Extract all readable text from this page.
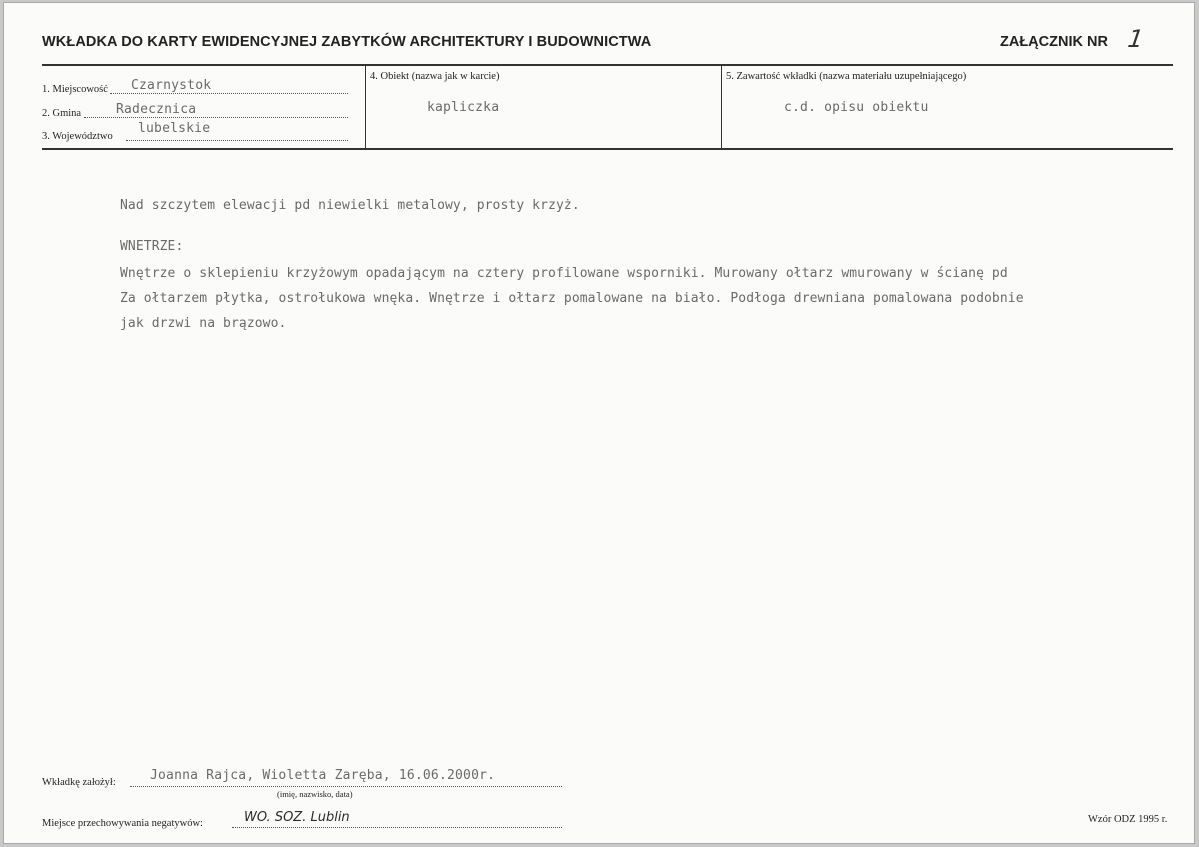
WKŁADKA DO KARTY EWIDENCYJNEJ ZABYTKÓW ARCHITEKTURY I BUDOWNICTWA	ZAŁĄCZNIK NR 1
1. Miejscowość Czarnystok
2. Gmina	Radecznica
3. Województwo
lubelskie
4. Obiekt (nazwa jak w karcie)
kapliczka
5. Zawartość wkładki (nazwa materiału uzupełniającego)
c.d. opisu obiektu

Nad szczytem elewacji pd niewielki metalowy, prosty krzyż.

WNETRZE:

Wnętrze o sklepieniu krzyżowym opadającym na cztery profilowane wsporniki. Murowany ołtarz wmurowany w ścianę pd

Za ołtarzem płytka, ostrołukowa wnęka. Wnętrze i ołtarz pomalowane na biało. Podłoga drewniana pomalowana podobnie

jak drzwi na brązowo.

Wkładkę założył:	Joanna Rajca, Wioletta Zaręba, 16.06.2000r.
(imię, nazwisko, data)
Miejsce przechowywania negatywów:	WO. SOZ. Lublin	Wzór ODZ 1995 r.
